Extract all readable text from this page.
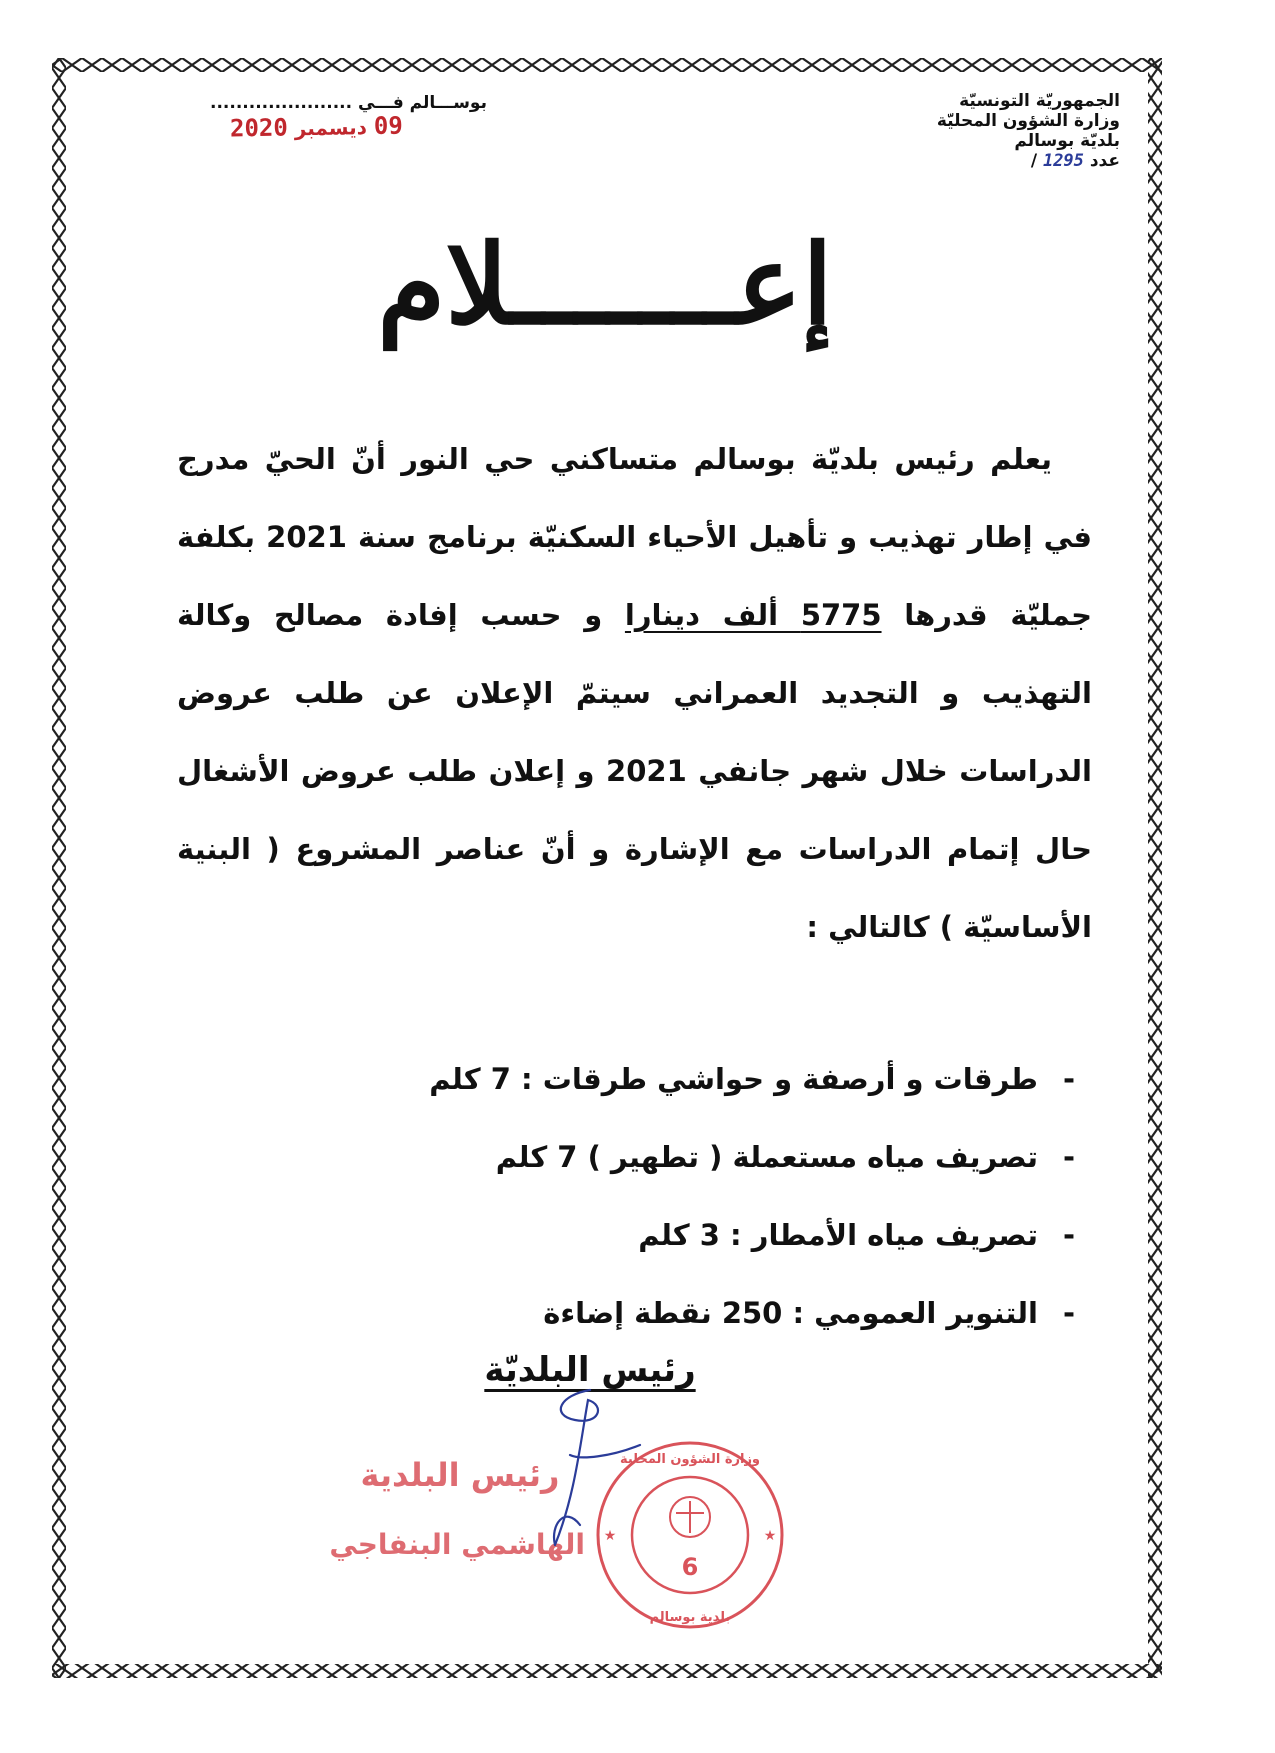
الجمهوريّة التونسيّة
وزارة الشؤون المحليّة
بلديّة بوسالم
عدد 1295 /
بوســـالم فـــي ......................
09 ديسمبر 2020
إعـــــــلام
يعلم رئيس بلديّة بوسالم متساكني حي النور أنّ الحيّ مدرج في إطار تهذيب و تأهيل الأحياء السكنيّة برنامج سنة 2021 بكلفة جمليّة قدرها 5775 ألف دينارا و حسب إفادة مصالح وكالة التهذيب و التجديد العمراني سيتمّ الإعلان عن طلب عروض الدراسات خلال شهر جانفي 2021 و إعلان طلب عروض الأشغال حال إتمام الدراسات مع الإشارة و أنّ عناصر المشروع ( البنية الأساسيّة ) كالتالي :
-طرقات و أرصفة و حواشي طرقات : 7 كلم
-تصريف مياه مستعملة ( تطهير ) 7 كلم
-تصريف مياه الأمطار : 3 كلم
-التنوير العمومي : 250 نقطة إضاءة
رئيس البلديّة
رئيس البلدية
الهاشمي البنفاجي
6
وزارة الشؤون المحلية
بلدية بوسالم
★	★
